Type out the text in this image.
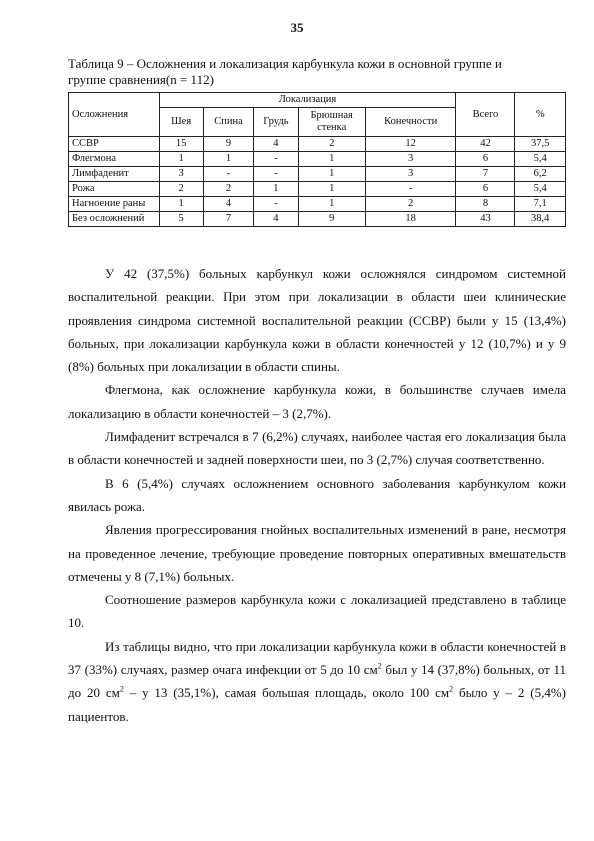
35
Таблица 9 – Осложнения и локализация карбункула кожи в основной группе и группе сравнения(n = 112)
Осложнения	Локализация					Всего	%
	Шея	Спина	Грудь	Брюшная стенка	Конечности		
ССВР	15	9	4	2	12	42	37,5
Флегмона	1	1	-	1	3	6	5,4
Лимфаденит	3	-	-	1	3	7	6,2
Рожа	2	2	1	1	-	6	5,4
Нагноение раны	1	4	-	1	2	8	7,1
Без осложнений	5	7	4	9	18	43	38,4

У 42 (37,5%) больных карбункул кожи осложнялся синдромом системной воспалительной реакции. При этом при локализации в области шеи клинические проявления синдрома системной воспалительной реакции (ССВР) были у 15 (13,4%) больных, при локализации карбункула кожи в области конечностей у 12 (10,7%) и у 9 (8%) больных при локализации в области спины.

Флегмона, как осложнение карбункула кожи, в большинстве случаев имела локализацию в области конечностей – 3 (2,7%).

Лимфаденит встречался в 7 (6,2%) случаях, наиболее частая его локализация была в области конечностей и задней поверхности шеи, по 3 (2,7%) случая соответственно.

В 6 (5,4%) случаях осложнением основного заболевания карбункулом кожи явилась рожа.

Явления прогрессирования гнойных воспалительных изменений в ране, несмотря на проведенное лечение, требующие проведение повторных оперативных вмешательств отмечены у 8 (7,1%) больных.

Соотношение размеров карбункула кожи с локализацией представлено в таблице 10.

Из таблицы видно, что при локализации карбункула кожи в области конечностей в 37 (33%) случаях, размер очага инфекции от 5 до 10 $см^2$ был у 14 (37,8%) больных, от 11 до 20 $см^2$ – у 13 (35,1%), самая большая площадь, около 100 $см^2$ было у – 2 (5,4%) пациентов.
